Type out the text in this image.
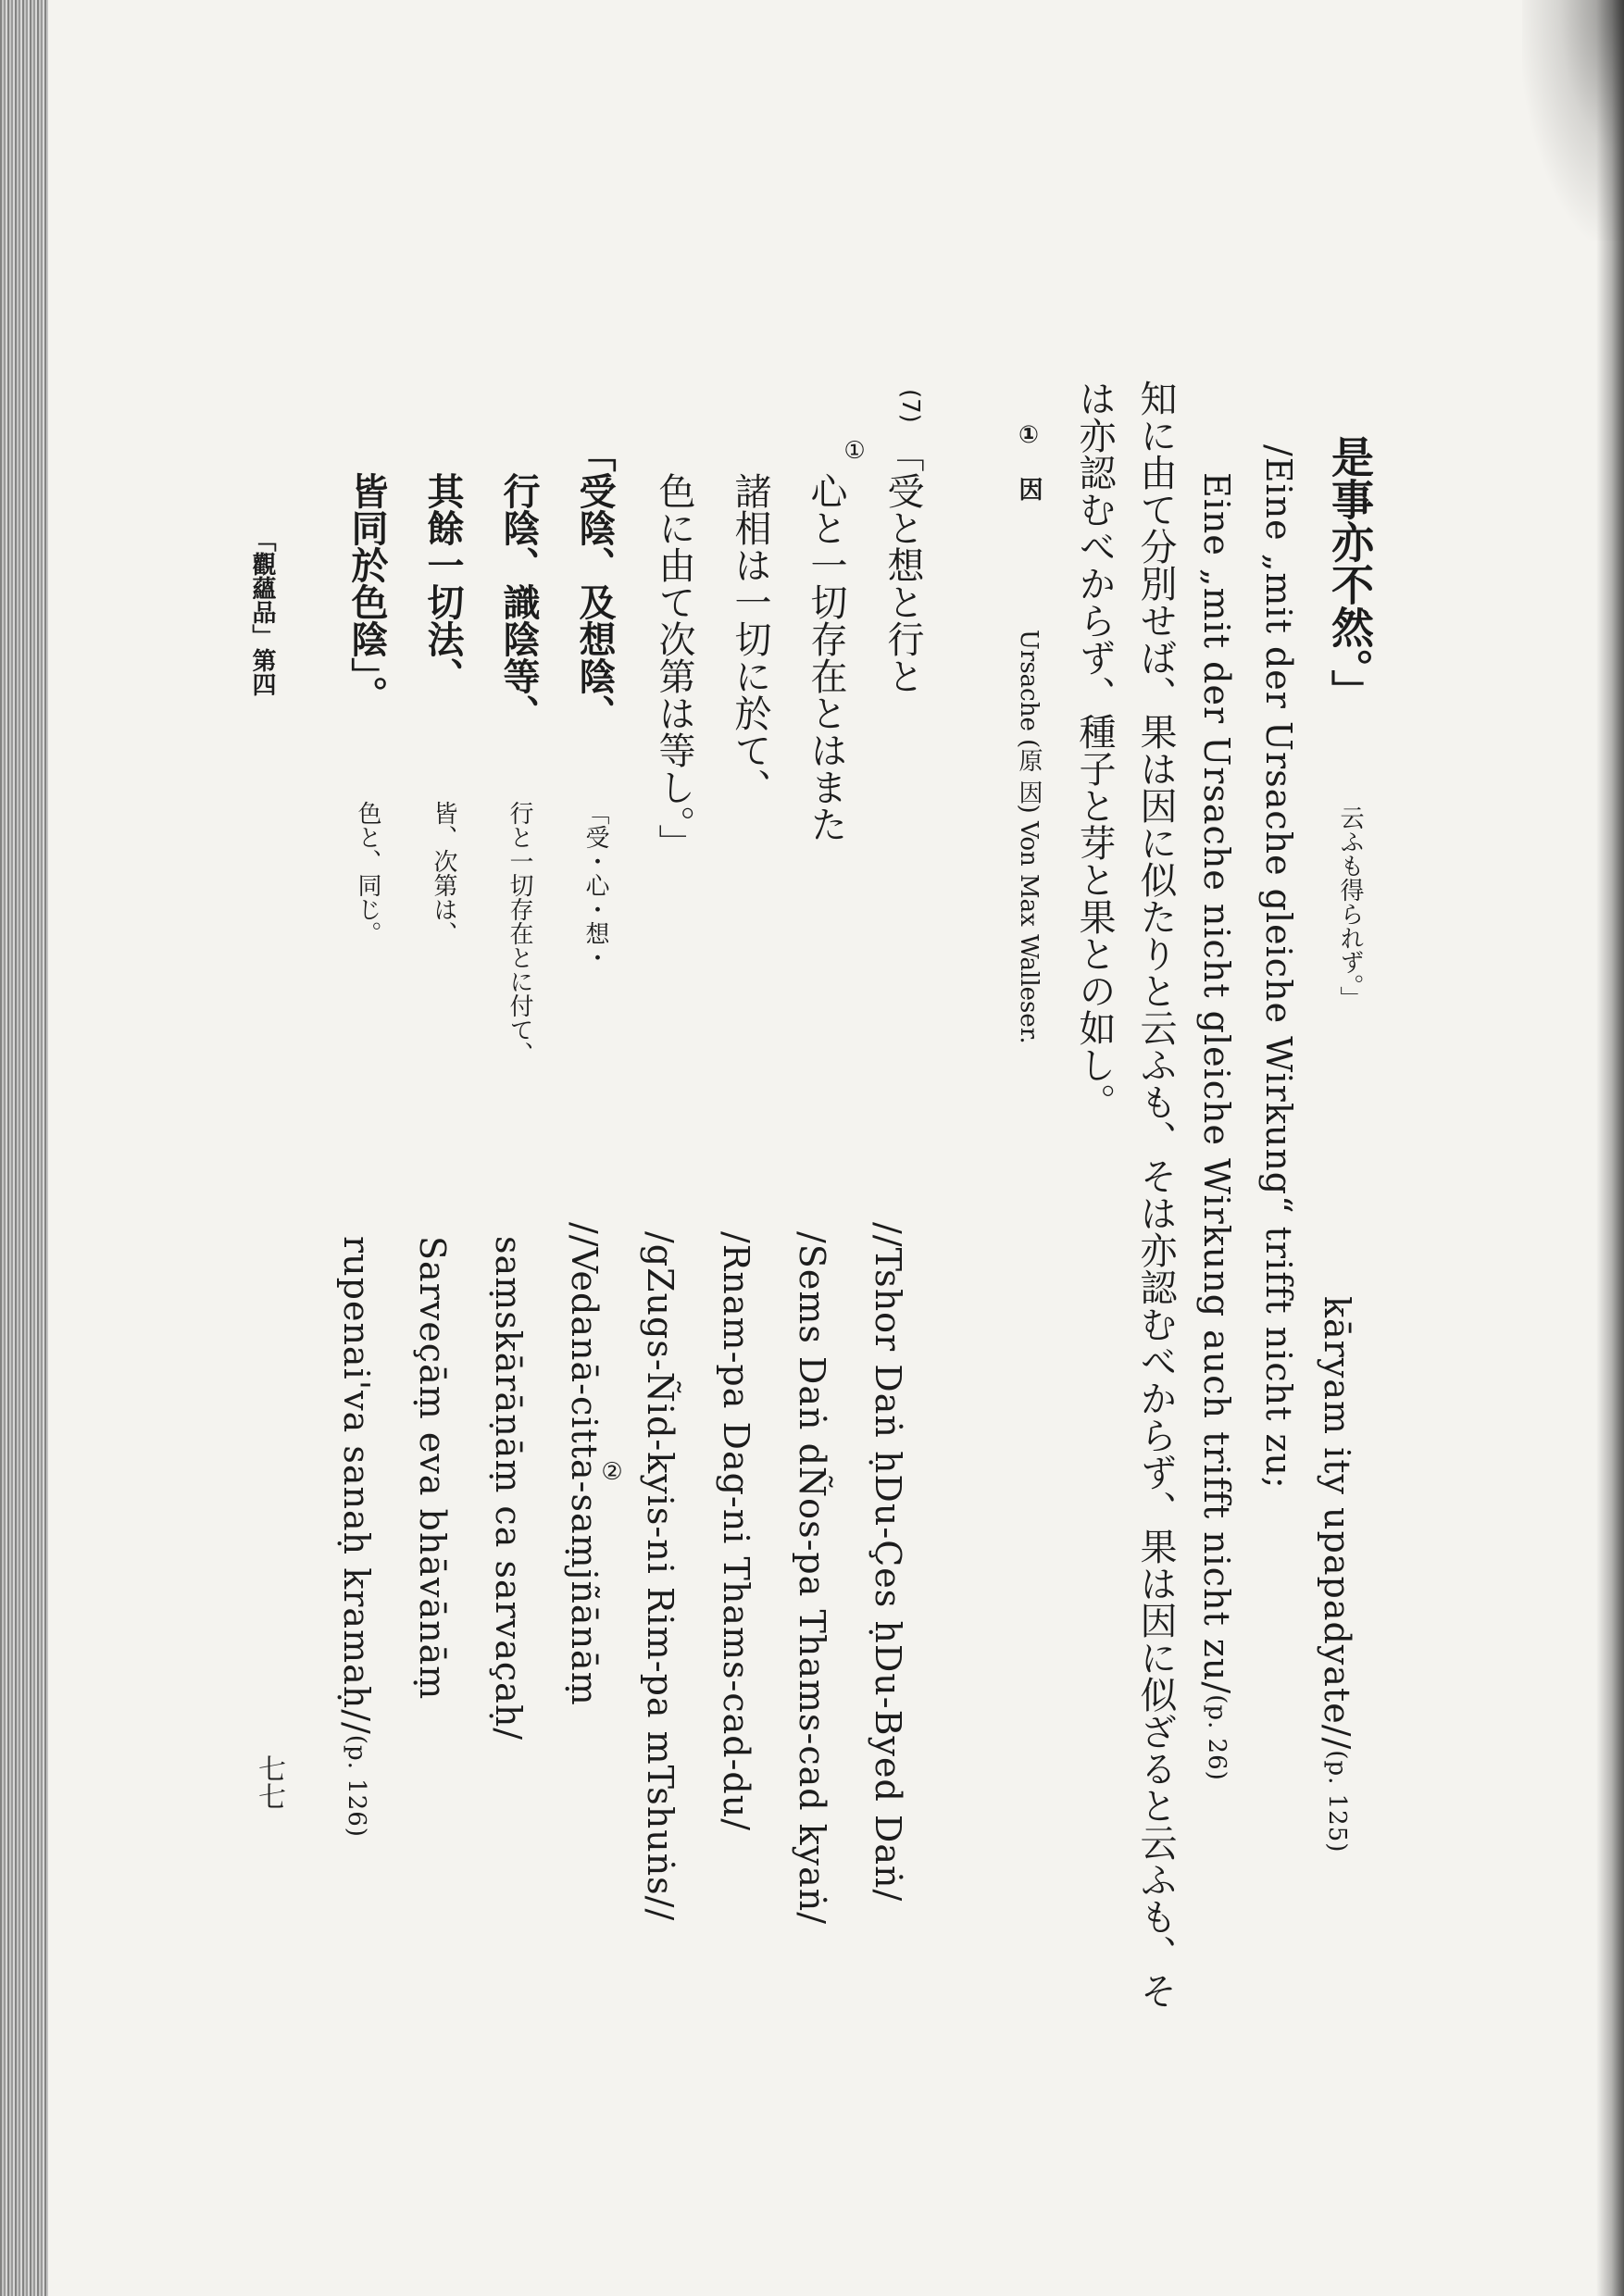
是事亦不然。」
云ふも得られず。」
kāryam ity upapadyate//(p. 125)
/Eine „mit der Ursache gleiche Wirkung“ trifft nicht zu;
Eine „mit der Ursache nicht gleiche Wirkung auch trifft nicht zu/(p. 26)
知に由て分別せば、果は因に似たりと云ふも、そは亦認むべからず、果は因に似ざると云ふも、そ
は亦認むべからず、種子と芽と果との如し。
①
因
Ursache (原 因) Von Max Walleser.
(7)
「受と想と行と
①
心と一切存在とはまた
諸相は一切に於て、
色に由て次第は等し。」
「受陰、及想陰、
「受・心・想・
行陰、識陰等、
行と一切存在とに付て、
其餘一切法、
皆、次第は、
皆同於色陰」。
色と、同じ。
「觀蘊品」第四
//Tshor Daṅ ḥDu-Çes ḥDu-Byed Daṅ/
/Sems Daṅ dÑos-pa Thams-cad kyaṅ/
/Rnam-pa Dag-ni Thams-cad-du/
/gZugs-Ñid-kyis-ni Rim-pa mTshuṅs//
②
//Vedanā-citta-saṃjñānāṃ
saṃskārāṇāṃ ca sarvaçaḥ/
Sarveçāṃ eva bhāvānāṃ
rupenai'va sanaḥ kramaḥ//(p. 126)
七七
